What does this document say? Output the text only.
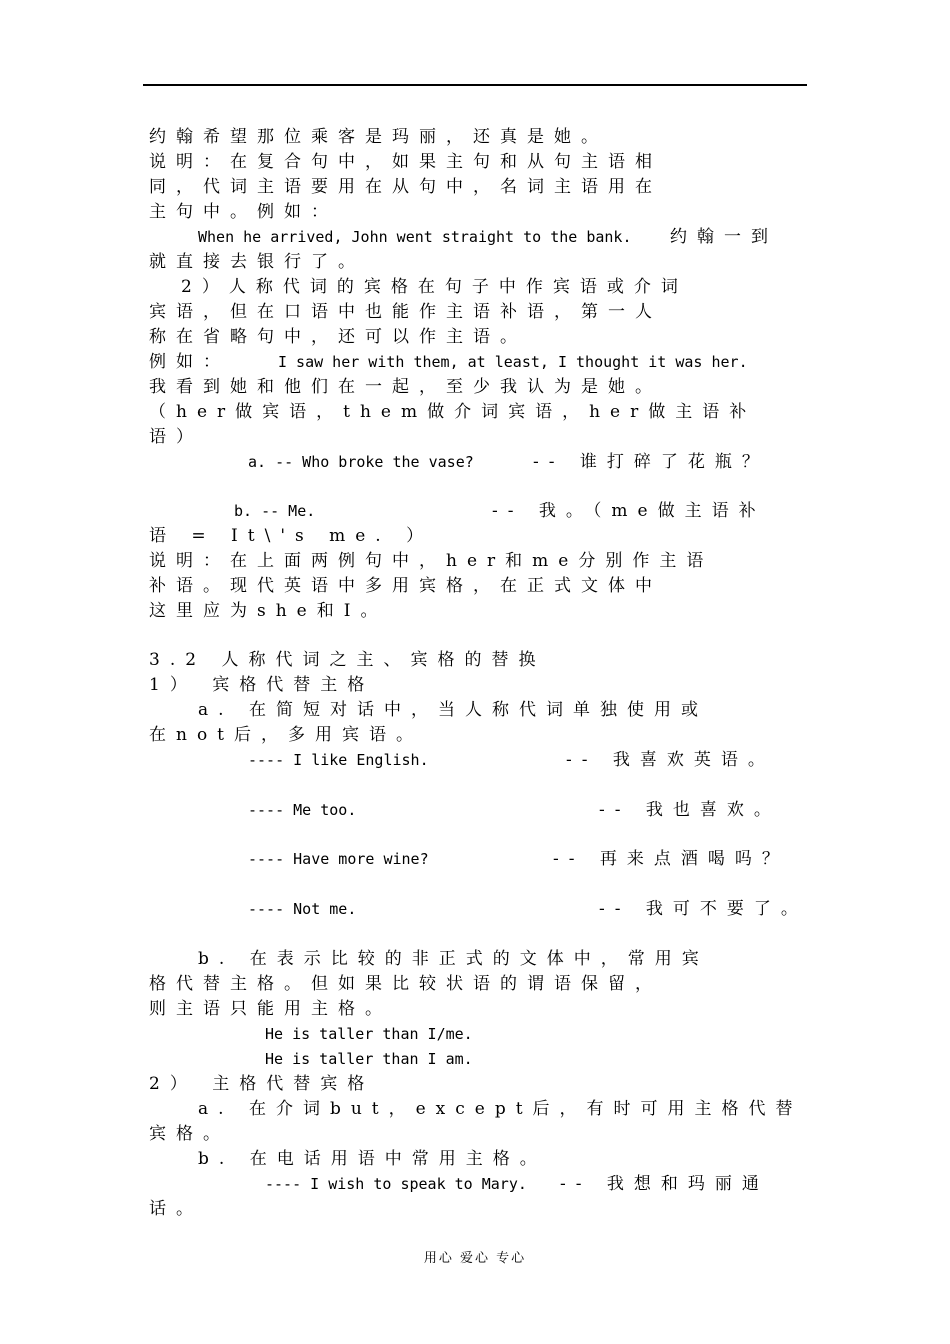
约翰希望那位乘客是玛丽，还真是她。
说明：在复合句中，如果主句和从句主语相
同，代词主语要用在从句中，名词主语用在
主句中。例如：
When he arrived, John went straight to the bank. 约翰一到
就直接去银行了。
2）人称代词的宾格在句子中作宾语或介词
宾语，但在口语中也能作主语补语，第一人
称在省略句中，还可以作主语。
例如：	I saw her with them, at least, I thought it was her.
我看到她和他们在一起，至少我认为是她。
（her做宾语，them做介词宾语，her做主语补
语）
a. -- Who broke the vase?	-- 谁打碎了花瓶？
b. -- Me.	-- 我。（me做主语补
语 = It\'s me. ）
说明：在上面两例句中，her和me分别作主语
补语。现代英语中多用宾格，在正式文体中
这里应为she和I。
3.2 人称代词之主、宾格的替换
1） 宾格代替主格
a. 在简短对话中，当人称代词单独使用或
在not后，多用宾语。
---- I like English.	-- 我喜欢英语。
---- Me too.	-- 我也喜欢。
---- Have more wine?	-- 再来点酒喝吗？
---- Not me.	-- 我可不要了。
b. 在表示比较的非正式的文体中，常用宾
格代替主格。但如果比较状语的谓语保留，
则主语只能用主格。
He is taller than I/me.
He is taller than I am.
2） 主格代替宾格
a. 在介词but，except后，有时可用主格代替
宾格。
b. 在电话用语中常用主格。
---- I wish to speak to Mary. -- 我想和玛丽通
话。
用心 爱心 专心
